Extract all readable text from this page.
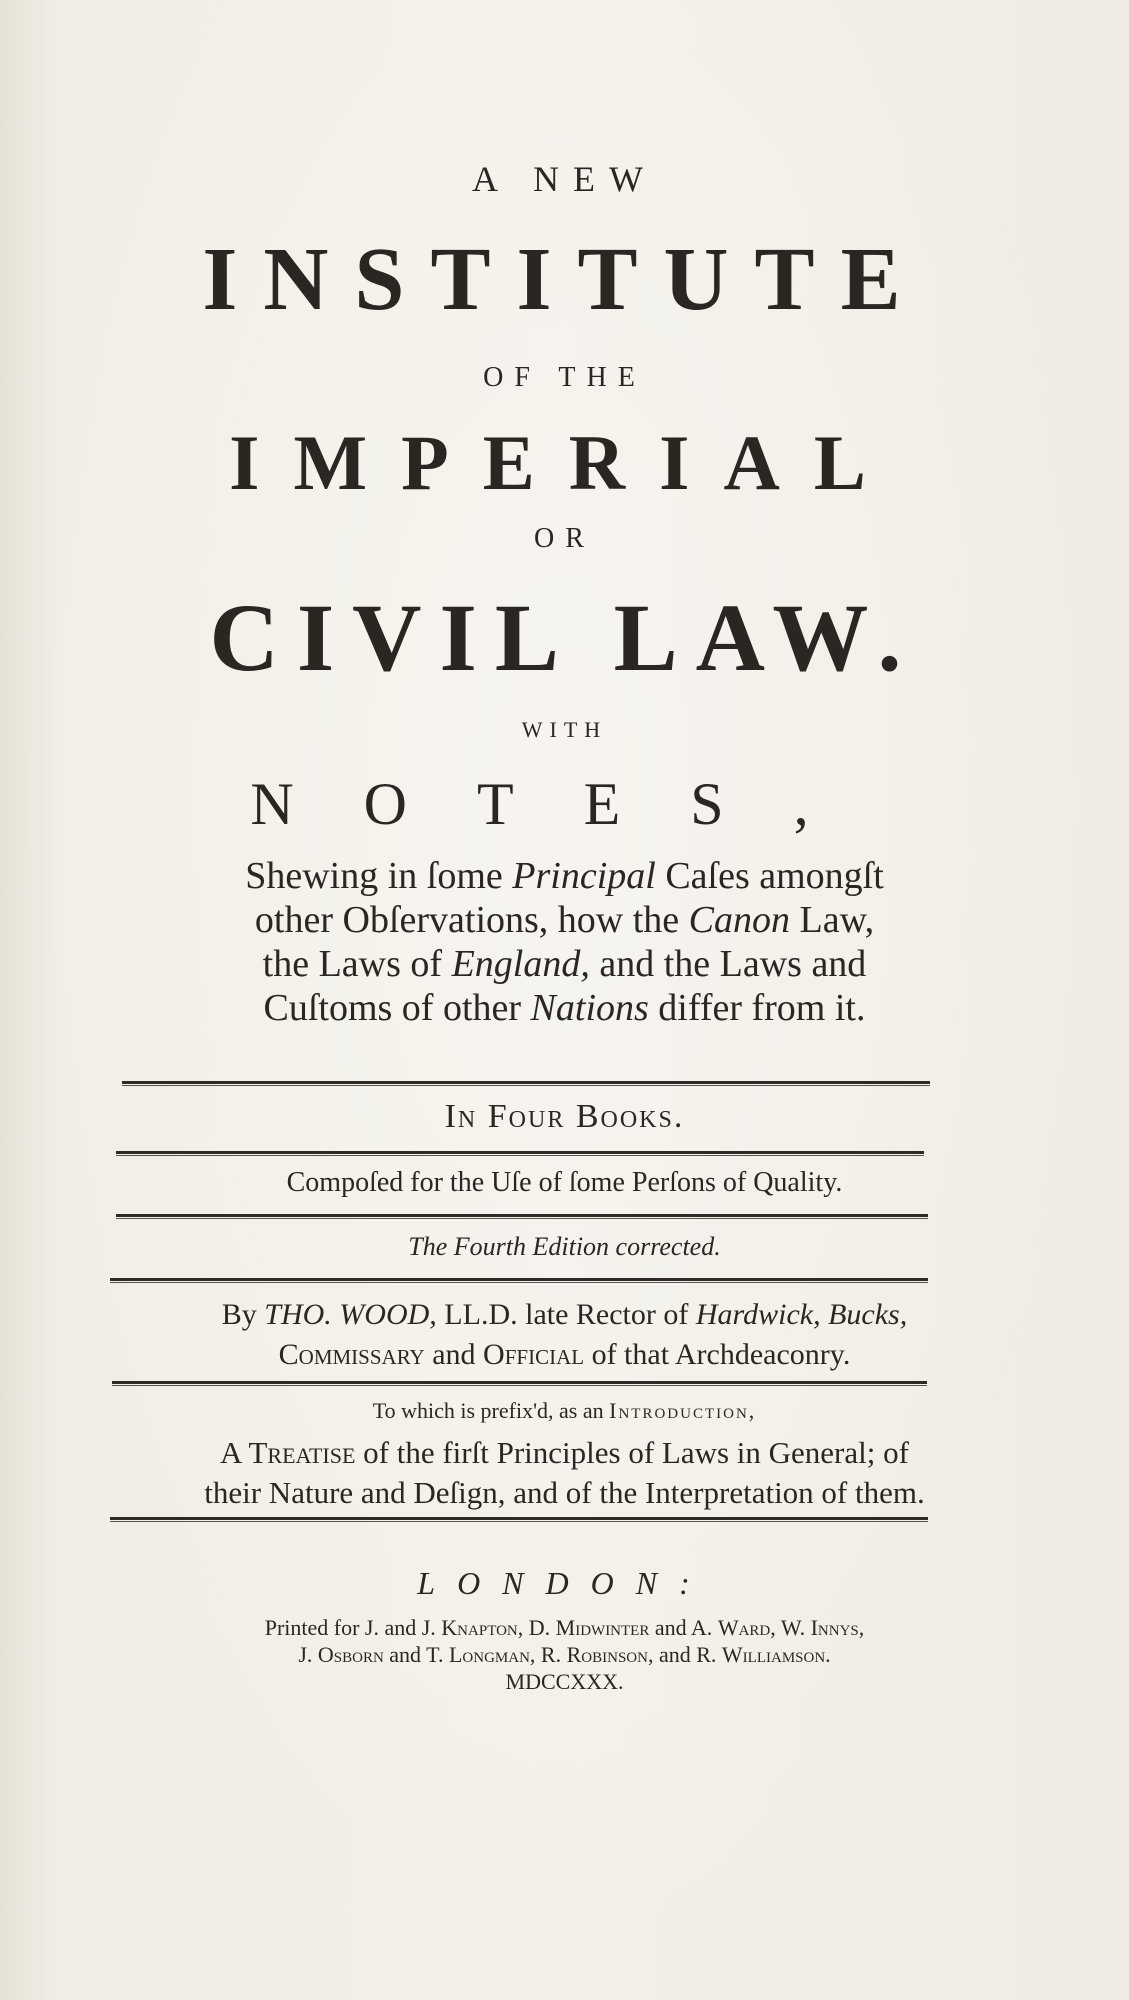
A NEW
INSTITUTE
OF THE
IMPERIAL
OR
CIVIL LAW.
WITH
NOTES,
Shewing in ſome Principal Caſes amongſt
other Obſervations, how the Canon Law,
the Laws of England, and the Laws and
Cuſtoms of other Nations differ from it.
In Four Books.
Compoſed for the Uſe of ſome Perſons of Quality.
The Fourth Edition corrected.
By THO. WOOD, LL.D. late Rector of Hardwick, Bucks,
Commissary and Official of that Archdeaconry.
To which is prefix'd, as an Introduction,
A Treatise of the firſt Principles of Laws in General; of
their Nature and Deſign, and of the Interpretation of them.
LONDON:
Printed for J. and J. Knapton, D. Midwinter and A. Ward, W. Innys,
J. Osborn and T. Longman, R. Robinson, and R. Williamson.
MDCCXXX.
